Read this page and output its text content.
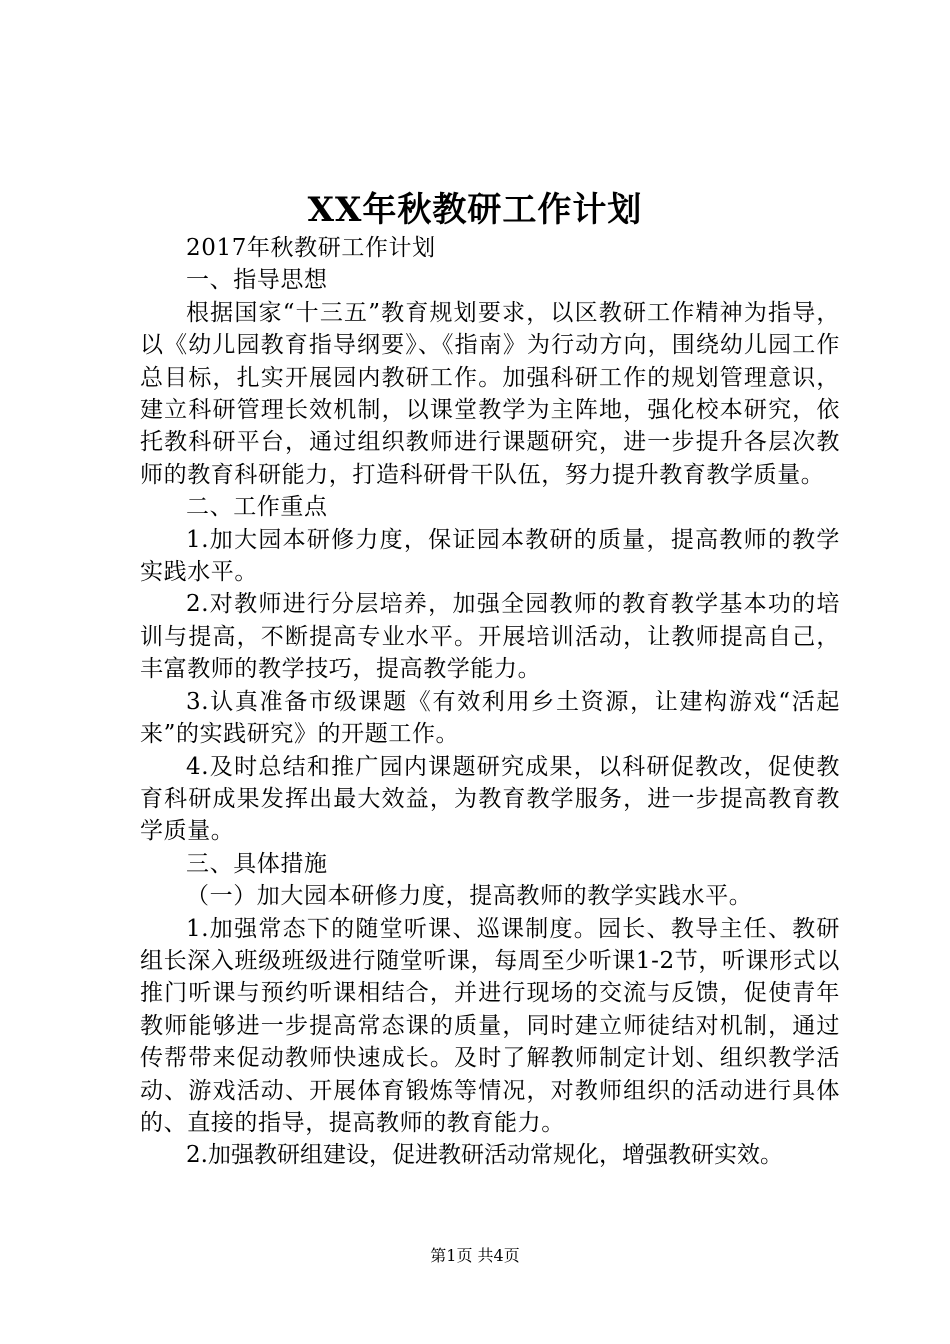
XX年秋教研工作计划

2017年秋教研工作计划

一、指导思想

根据国家“十三五”教育规划要求，以区教研工作精神为指导，以《幼儿园教育指导纲要》、《指南》为行动方向，围绕幼儿园工作总目标，扎实开展园内教研工作。加强科研工作的规划管理意识，建立科研管理长效机制，以课堂教学为主阵地，强化校本研究，依托教科研平台，通过组织教师进行课题研究，进一步提升各层次教师的教育科研能力，打造科研骨干队伍，努力提升教育教学质量。

二、工作重点

1.加大园本研修力度，保证园本教研的质量，提高教师的教学实践水平。

2.对教师进行分层培养，加强全园教师的教育教学基本功的培训与提高，不断提高专业水平。开展培训活动，让教师提高自己，丰富教师的教学技巧，提高教学能力。

3.认真准备市级课题《有效利用乡土资源，让建构游戏“活起来”的实践研究》的开题工作。

4.及时总结和推广园内课题研究成果，以科研促教改，促使教育科研成果发挥出最大效益，为教育教学服务，进一步提高教育教学质量。

三、具体措施

（一）加大园本研修力度，提高教师的教学实践水平。

1.加强常态下的随堂听课、巡课制度。园长、教导主任、教研组长深入班级班级进行随堂听课，每周至少听课1-2节，听课形式以推门听课与预约听课相结合，并进行现场的交流与反馈，促使青年教师能够进一步提高常态课的质量，同时建立师徒结对机制，通过传帮带来促动教师快速成长。及时了解教师制定计划、组织教学活动、游戏活动、开展体育锻炼等情况，对教师组织的活动进行具体的、直接的指导，提高教师的教育能力。

2.加强教研组建设，促进教研活动常规化，增强教研实效。

第1页 共4页
